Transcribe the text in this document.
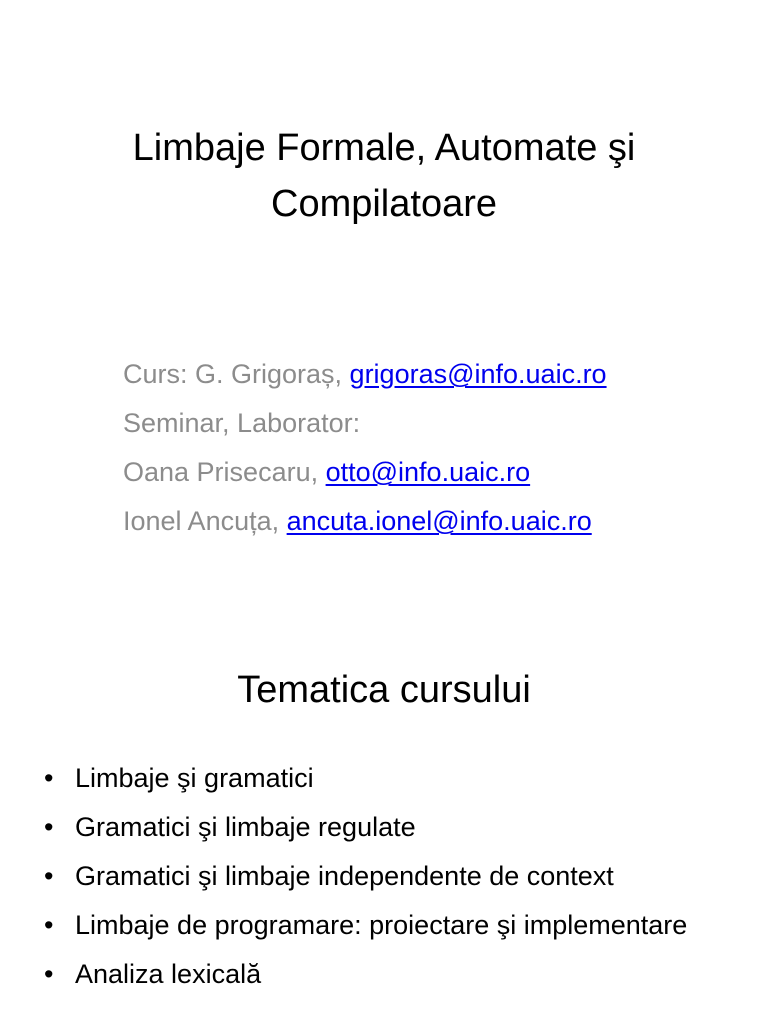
Limbaje Formale, Automate şi
Compilatoare
Curs: G. Grigoraș, grigoras@info.uaic.ro
Seminar, Laborator:
Oana Prisecaru, otto@info.uaic.ro
Ionel Ancuța, ancuta.ionel@info.uaic.ro
Tematica cursului
• Limbaje şi gramatici
• Gramatici şi limbaje regulate
• Gramatici şi limbaje independente de context
• Limbaje de programare: proiectare şi implementare
• Analiza lexicală
